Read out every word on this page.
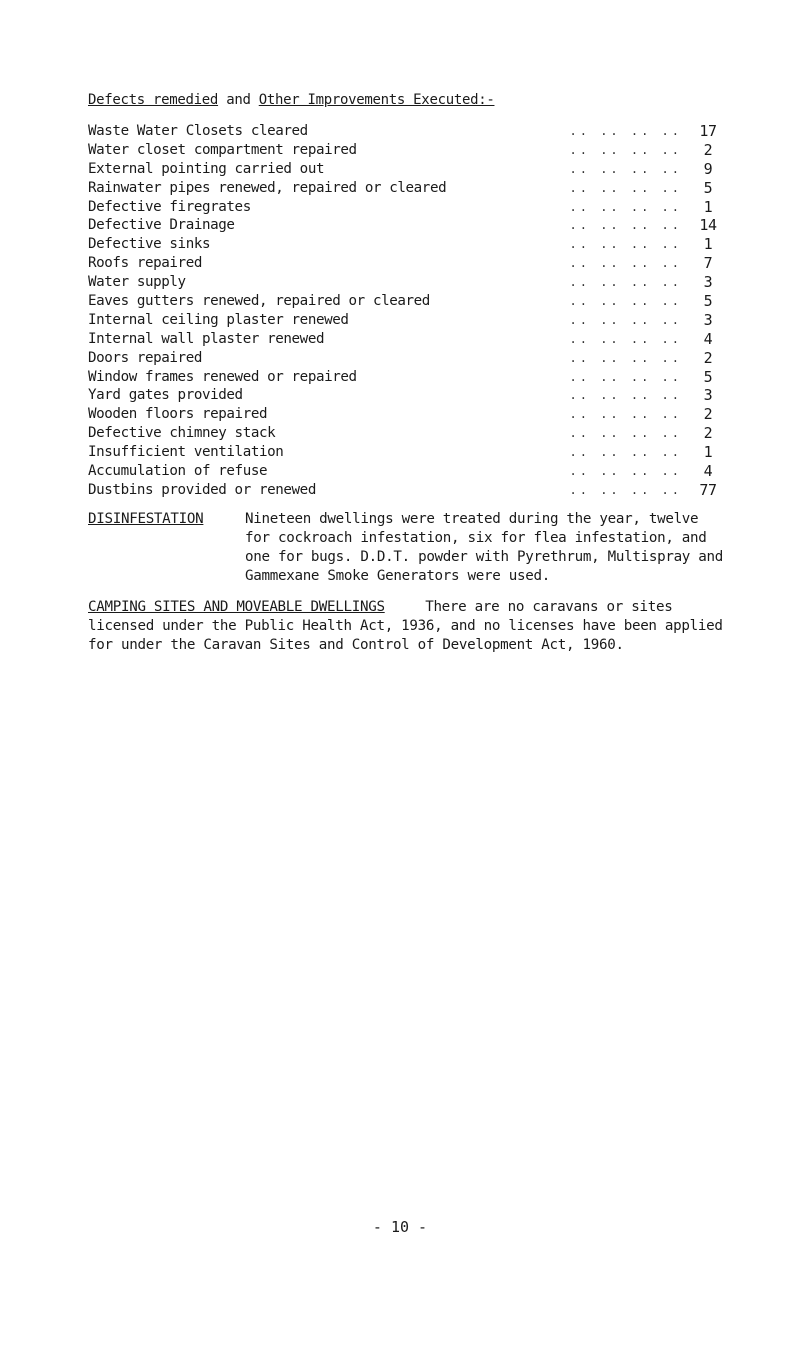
Defects remedied and Other Improvements Executed:-
Waste Water Closets cleared	.. .. .. ..	17
Water closet compartment repaired	.. .. .. ..	2
External pointing carried out	.. .. .. ..	9
Rainwater pipes renewed, repaired or cleared	.. .. .. ..	5
Defective firegrates	.. .. .. ..	1
Defective Drainage	.. .. .. ..	14
Defective sinks	.. .. .. ..	1
Roofs repaired	.. .. .. ..	7
Water supply	.. .. .. ..	3
Eaves gutters renewed, repaired or cleared	.. .. .. ..	5
Internal ceiling plaster renewed	.. .. .. ..	3
Internal wall plaster renewed	.. .. .. ..	4
Doors repaired	.. .. .. ..	2
Window frames renewed or repaired	.. .. .. ..	5
Yard gates provided	.. .. .. ..	3
Wooden floors repaired	.. .. .. ..	2
Defective chimney stack	.. .. .. ..	2
Insufficient ventilation	.. .. .. ..	1
Accumulation of refuse	.. .. .. ..	4
Dustbins provided or renewed	.. .. .. ..	77
DISINFESTATION	Nineteen dwellings were treated during the year, twelve for cockroach infestation, six for flea infestation, and one for bugs. D.D.T. powder with Pyrethrum, Multispray and Gammexane Smoke Generators were used.
CAMPING SITES AND MOVEABLE DWELLINGS	There are no caravans or sites licensed under the Public Health Act, 1936, and no licenses have been applied for under the Caravan Sites and Control of Development Act, 1960.
- 10 -
